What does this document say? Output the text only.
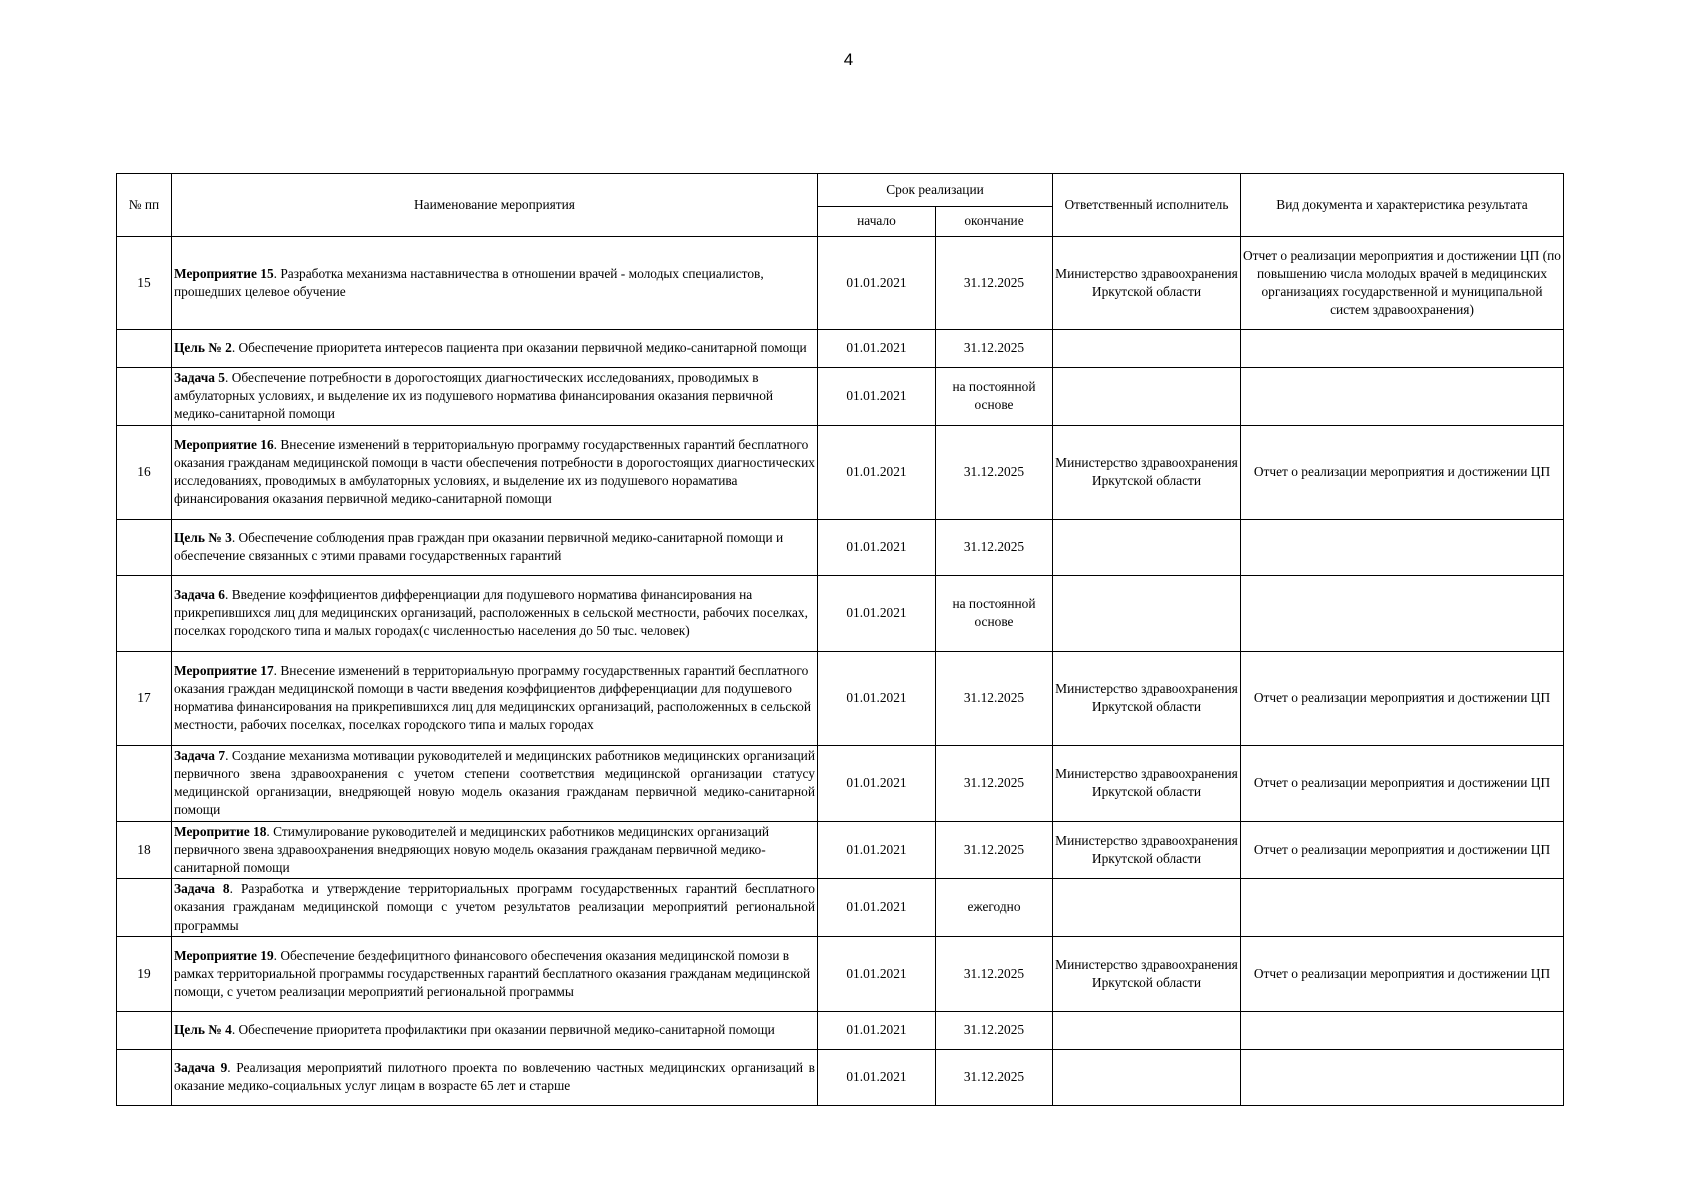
4
№ пп	Наименование мероприятия	Срок реализации		Ответственный исполнитель	Вид документа и характеристика результата
		начало	окончание		
15	Мероприятие 15. Разработка механизма наставничества в отношении врачей - молодых специалистов, прошедших целевое обучение	01.01.2021	31.12.2025	Министерство здравоохранения Иркутской области	Отчет о реализации мероприятия и достижении ЦП (по повышению числа молодых врачей в медицинских организациях государственной и муниципальной систем здравоохранения)
	Цель № 2. Обеспечение приоритета интересов пациента при оказании первичной медико-санитарной помощи	01.01.2021	31.12.2025		
	Задача 5. Обеспечение потребности в дорогостоящих диагностических исследованиях, проводимых в амбулаторных условиях, и выделение их из подушевого норматива финансирования оказания первичной медико-санитарной помощи	01.01.2021	на постоянной основе		
16	Мероприятие 16. Внесение изменений в территориальную программу государственных гарантий бесплатного оказания гражданам медицинской помощи в части обеспечения потребности в дорогостоящих диагностических исследованиях, проводимых в амбулаторных условиях, и выделение их из подушевого нораматива финансирования оказания первичной медико-санитарной помощи	01.01.2021	31.12.2025	Министерство здравоохранения Иркутской области	Отчет о реализации мероприятия и достижении ЦП
	Цель № 3. Обеспечение соблюдения прав граждан при оказании первичной медико-санитарной помощи и обеспечение связанных с этими правами государственных гарантий	01.01.2021	31.12.2025		
	Задача 6. Введение коэффициентов дифференциации для подушевого норматива финансирования на прикрепившихся лиц для медицинских организаций, расположенных в сельской местности, рабочих поселках, поселках городского типа и малых городах(с численностью населения до 50 тыс. человек)	01.01.2021	на постоянной основе		
17	Мероприятие 17. Внесение изменений в территориальную программу государственных гарантий бесплатного оказания граждан медицинской помощи в части введения коэффициентов дифференциации для подушевого норматива финансирования на прикрепившихся лиц для медицинских организаций, расположенных в сельской местности, рабочих поселках, поселках городского типа и малых городах	01.01.2021	31.12.2025	Министерство здравоохранения Иркутской области	Отчет о реализации мероприятия и достижении ЦП
	Задача 7. Создание механизма мотивации руководителей и медицинских работников медицинских организаций первичного звена здравоохранения с учетом степени соответствия медицинской организации статусу медицинской организации, внедряющей новую модель оказания гражданам первичной медико-санитарной помощи	01.01.2021	31.12.2025	Министерство здравоохранения Иркутской области	Отчет о реализации мероприятия и достижении ЦП
18	Меропритие 18. Стимулирование руководителей и медицинских работников медицинских организаций первичного звена здравоохранения внедряющих новую модель оказания гражданам первичной медико-санитарной помощи	01.01.2021	31.12.2025	Министерство здравоохранения Иркутской области	Отчет о реализации мероприятия и достижении ЦП
	Задача 8. Разработка и утверждение территориальных программ государственных гарантий бесплатного оказания гражданам медицинской помощи с учетом результатов реализации мероприятий региональной программы	01.01.2021	ежегодно		
19	Мероприятие 19. Обеспечение бездефицитного финансового обеспечения оказания медицинской помози в рамках территориальной программы государственных гарантий бесплатного оказания гражданам медицинской помощи, с учетом реализации мероприятий региональной программы	01.01.2021	31.12.2025	Министерство здравоохранения Иркутской области	Отчет о реализации мероприятия и достижении ЦП
	Цель № 4. Обеспечение приоритета профилактики при оказании первичной медико-санитарной помощи	01.01.2021	31.12.2025		
	Задача 9. Реализация мероприятий пилотного проекта по вовлечению частных медицинских организаций в оказание медико-социальных услуг лицам в возрасте 65 лет и старше	01.01.2021	31.12.2025		
